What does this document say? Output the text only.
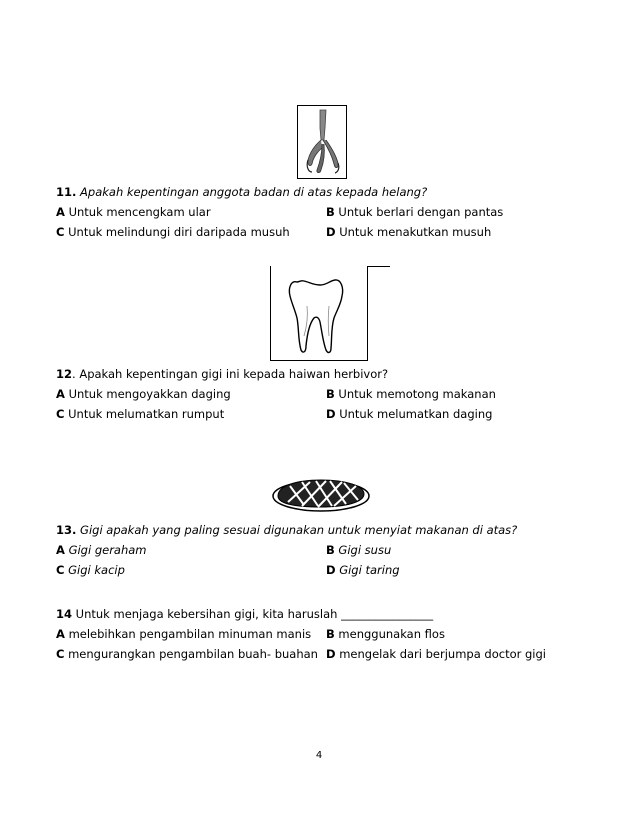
11. Apakah kepentingan anggota badan di atas kepada helang?
A Untuk mencengkam ular	B Untuk berlari dengan pantas
C Untuk melindungi diri daripada musuh	D Untuk menakutkan musuh
12. Apakah kepentingan gigi ini kepada haiwan herbivor?
A Untuk mengoyakkan daging	B Untuk memotong makanan
C Untuk melumatkan rumput	D Untuk melumatkan daging
13. Gigi apakah yang paling sesuai digunakan untuk menyiat makanan di atas?
A Gigi geraham	B Gigi susu
C Gigi kacip	D Gigi taring
14 Untuk menjaga kebersihan gigi, kita haruslah ________________
A melebihkan pengambilan minuman manis B menggunakan flos
C mengurangkan pengambilan buah- buahan D mengelak dari berjumpa doctor gigi
4
